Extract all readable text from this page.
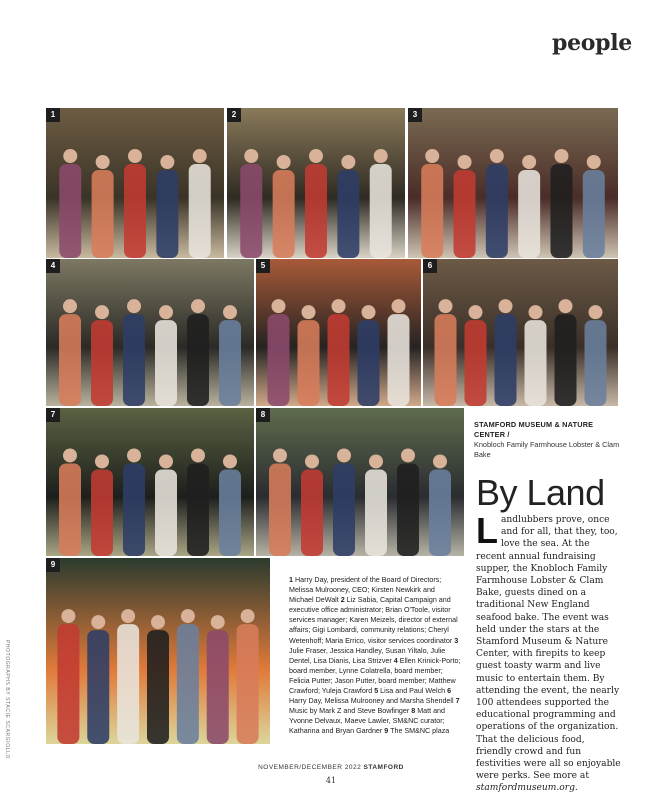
people
1	2	3
4	5	6
7	8
9
STAMFORD MUSEUM & NATURE CENTER /
Knobloch Family Farmhouse Lobster & Clam Bake
By Land
Landlubbers prove, once and for all, that they, too, love the sea. At the recent annual fundraising supper, the Knobloch Family Farmhouse Lobster & Clam Bake, guests dined on a traditional New England seafood bake. The event was held under the stars at the Stamford Museum & Nature Center, with firepits to keep guest toasty warm and live music to entertain them. By attending the event, the nearly 100 attendees supported the educational programming and operations of the organization. That the delicious food, friendly crowd and fun festivities were all so enjoyable were perks. See more at stamfordmuseum.org.
1 Harry Day, president of the Board of Directors; Melissa Mulrooney, CEO; Kirsten Newkirk and Michael DeWalt 2 Liz Sabia, Capital Campaign and executive office administrator; Brian O'Toole, visitor services manager; Karen Meizels, director of external affairs; Gigi Lombardi, community relations; Cheryl Wetenhoff; Maria Errico, visitor services coordinator 3 Julie Fraser, Jessica Handley, Susan Yiltalo, Julie Dentel, Lisa Dianis, Lisa Strizver 4 Ellen Krinick-Porto; board member, Lynne Colatrella, board member; Felicia Putter; Jason Putter, board member; Matthew Crawford; Yuleja Crawford 5 Lisa and Paul Welch 6 Harry Day, Melissa Mulrooney and Marsha Shendell 7 Music by Mark Z and Steve Bowfinger 8 Matt and Yvonne Delvaux, Maeve Lawler, SM&NC curator; Katharina and Bryan Gardner 9 The SM&NC plaza
PHOTOGRAPHS BY STACIE SCARGIOLLO
NOVEMBER/DECEMBER 2022 STAMFORD
41
